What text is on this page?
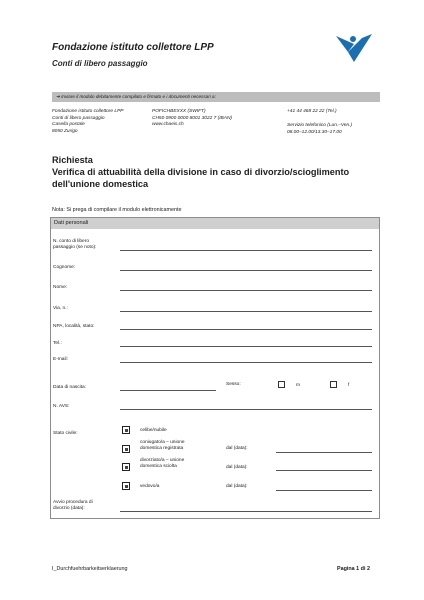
Fondazione istituto collettore LPP
Conti di libero passaggio
➔ Inviare il modulo debitamente compilato e firmato e i documenti necessari a:
Fondazione istituto collettore LPP
Conti di libero passaggio
Casella postale
8050 Zurigo
POFICHBEXXX (SWIFT)
CH50 0900 0000 8001 3022 7 (IBAN)
www.chaeis.ch
+41 44 468 22 22 (Tel.)
Servizio telefonico (Lun.–Ven.)
08.00–12.00/13.30–17.00
Richiesta
Verifica di attuabilità della divisione in caso di divorzio/scioglimento
dell'unione domestica
Nota: Si prega di compilare il modulo elettronicamente
Dati personali
N. conto di libero
passaggio (se noto):
Cognome:
Nome:
Via, n.:
NPA, località, stato:
Tel.:
E-mail:
Data di nascita:
Sesso:	m	f
N. AVS:
Stato civile:
celibe/nubile
coniugato/a – unione
domestica registrata	dal (data):
divorziato/a – unione
domestica sciolta	dal (data):
vedovo/a	dal (data):
Avvio procedura di
divorzio (data):
I_Durchfuehrbarkeitserklaerung	Pagina 1 di 2
